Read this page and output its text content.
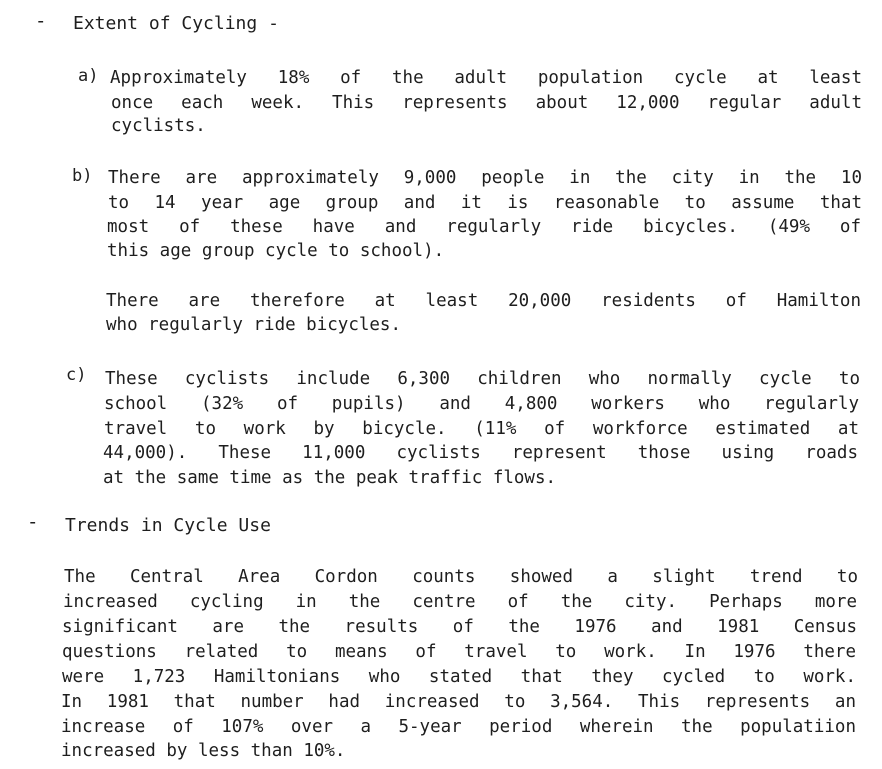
- Extent of Cycling -
a) Approximately 18% of the adult population cycle at least
once each week. This represents about 12,000 regular adult
cyclists.
b) There are approximately 9,000 people in the city in the 10
to 14 year age group and it is reasonable to assume that
most of these have and regularly ride bicycles. (49% of
this age group cycle to school).
There are therefore at least 20,000 residents of Hamilton
who regularly ride bicycles.
c) These cyclists include 6,300 children who normally cycle to
school (32% of pupils) and 4,800 workers who regularly
travel to work by bicycle. (11% of workforce estimated at
44,000). These 11,000 cyclists represent those using roads
at the same time as the peak traffic flows.
- Trends in Cycle Use
The Central Area Cordon counts showed a slight trend to
increased cycling in the centre of the city. Perhaps more
significant are the results of the 1976 and 1981 Census
questions related to means of travel to work. In 1976 there
were 1,723 Hamiltonians who stated that they cycled to work.
In 1981 that number had increased to 3,564. This represents an
increase of 107% over a 5-year period wherein the populatiion
increased by less than 10%.
